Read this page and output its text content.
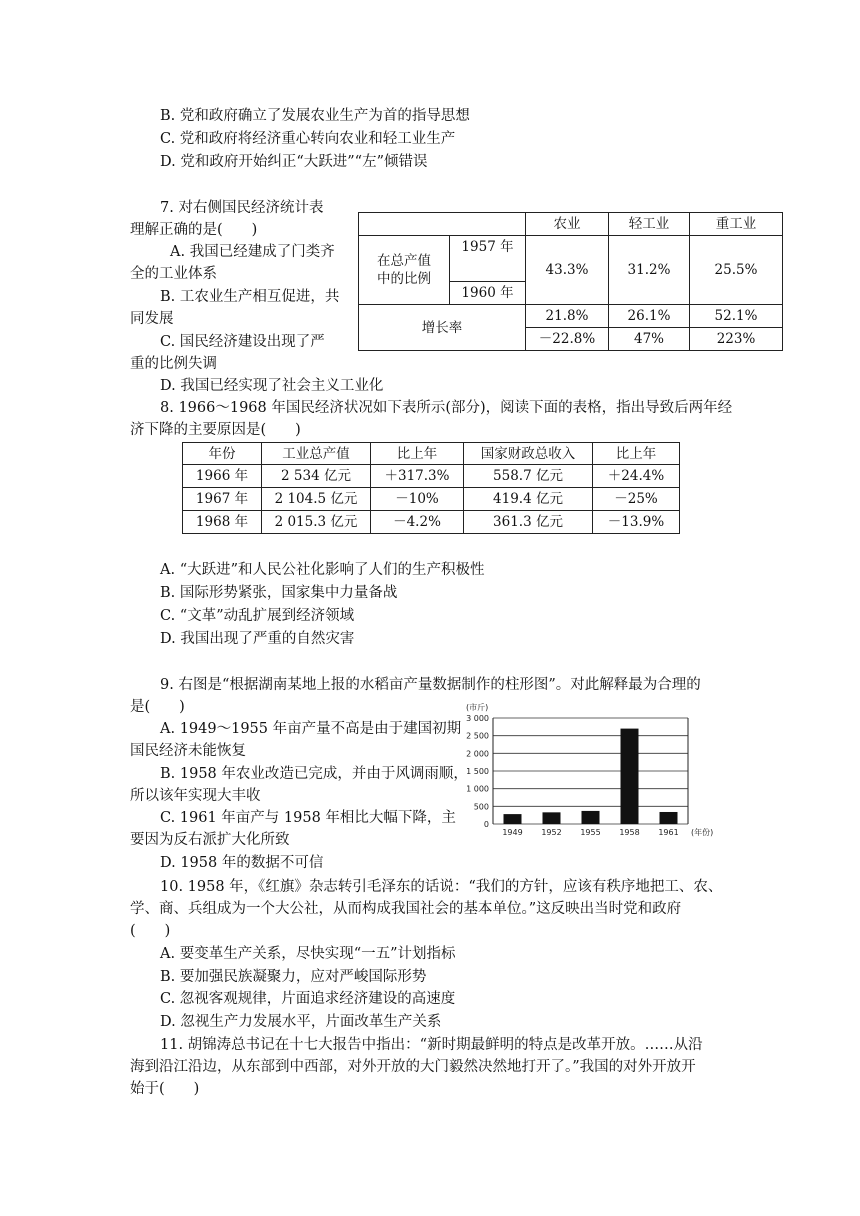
B. 党和政府确立了发展农业生产为首的指导思想
C. 党和政府将经济重心转向农业和轻工业生产
D. 党和政府开始纠正“大跃进”“左”倾错误
7. 对右侧国民经济统计表
理解正确的是(　　)
A. 我国已经建成了门类齐
全的工业体系
B. 工农业生产相互促进，共
同发展
C. 国民经济建设出现了严
重的比例失调
D. 我国已经实现了社会主义工业化
		农业	轻工业	重工业

在总产值
中的比例	1957 年	43.3%	31.2%	25.5%
	1960 年			
增长率		21.8%	26.1%	52.1%
		－22.8%	47%	223%
8. 1966～1968 年国民经济状况如下表所示(部分)，阅读下面的表格，指出导致后两年经
济下降的主要原因是(　　)
年份	工业总产值	比上年	国家财政总收入	比上年
1966 年	2 534 亿元	＋317.3%	558.7 亿元	＋24.4%
1967 年	2 104.5 亿元	－10%	419.4 亿元	－25%
1968 年	2 015.3 亿元	－4.2%	361.3 亿元	－13.9%
A. “大跃进”和人民公社化影响了人们的生产积极性
B. 国际形势紧张，国家集中力量备战
C. “文革”动乱扩展到经济领域
D. 我国出现了严重的自然灾害
9. 右图是“根据湖南某地上报的水稻亩产量数据制作的柱形图”。对此解释最为合理的
是(　　)
A. 1949～1955 年亩产量不高是由于建国初期
国民经济未能恢复
B. 1958 年农业改造已完成，并由于风调雨顺，
所以该年实现大丰收
C. 1961 年亩产与 1958 年相比大幅下降，主
要因为反右派扩大化所致
D. 1958 年的数据不可信
(市斤)
0
500
1 000
1 500
2 000
2 500
3 000
1949 1952 1955 1958 1961 (年份)
10. 1958 年，《红旗》杂志转引毛泽东的话说：“我们的方针，应该有秩序地把工、农、
学、商、兵组成为一个大公社，从而构成我国社会的基本单位。”这反映出当时党和政府
(　　)
A. 要变革生产关系，尽快实现“一五”计划指标
B. 要加强民族凝聚力，应对严峻国际形势
C. 忽视客观规律，片面追求经济建设的高速度
D. 忽视生产力发展水平，片面改革生产关系
11. 胡锦涛总书记在十七大报告中指出：“新时期最鲜明的特点是改革开放。……从沿
海到沿江沿边，从东部到中西部，对外开放的大门毅然决然地打开了。”我国的对外开放开
始于(　　)
